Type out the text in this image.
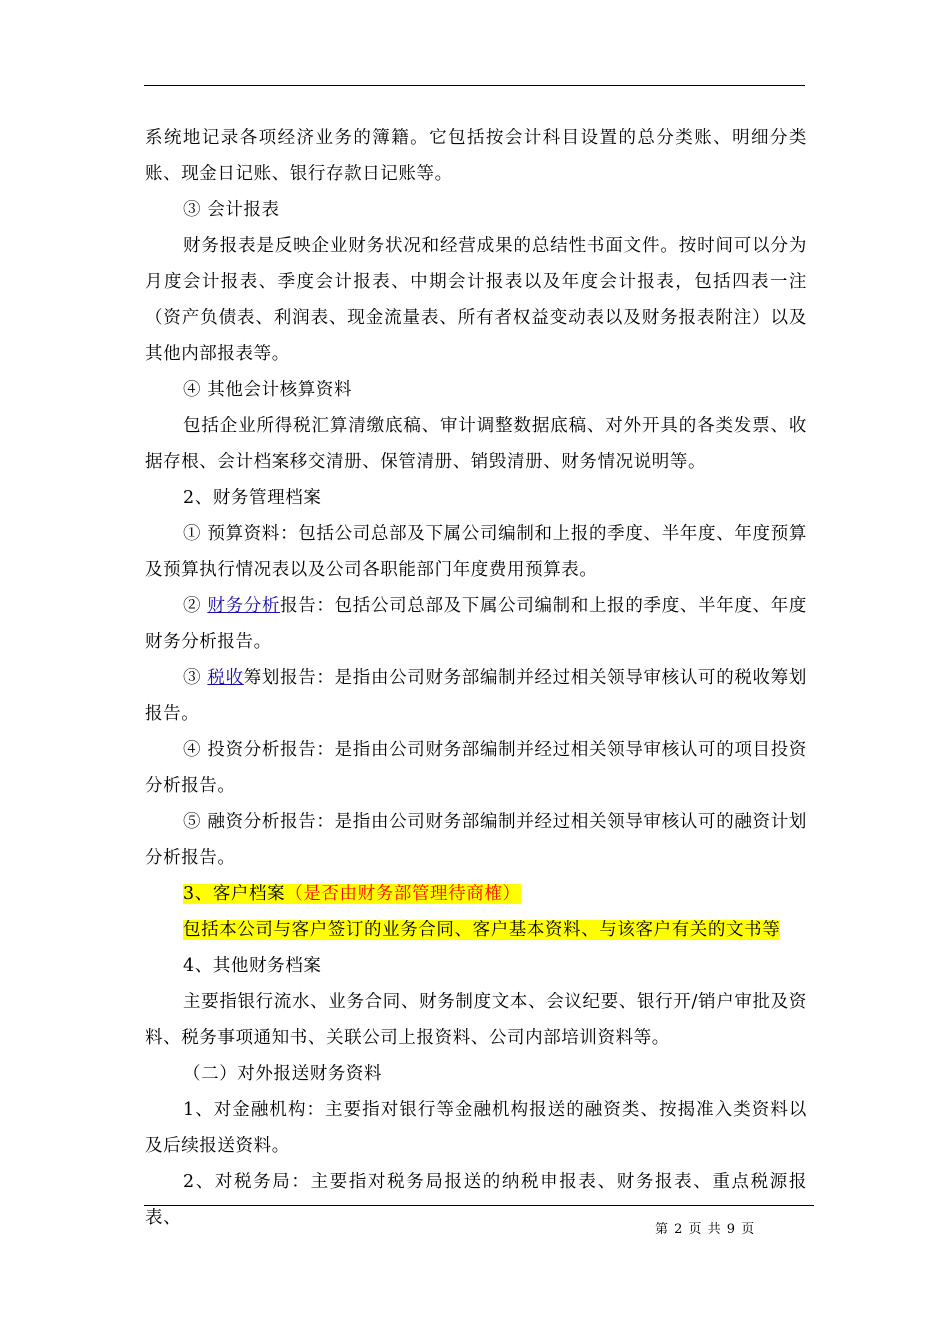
系统地记录各项经济业务的簿籍。它包括按会计科目设置的总分类账、明细分类账、现金日记账、银行存款日记账等。

③ 会计报表

财务报表是反映企业财务状况和经营成果的总结性书面文件。按时间可以分为月度会计报表、季度会计报表、中期会计报表以及年度会计报表，包括四表一注（资产负债表、利润表、现金流量表、所有者权益变动表以及财务报表附注）以及其他内部报表等。

④ 其他会计核算资料

包括企业所得税汇算清缴底稿、审计调整数据底稿、对外开具的各类发票、收据存根、会计档案移交清册、保管清册、销毁清册、财务情况说明等。

2、财务管理档案

① 预算资料：包括公司总部及下属公司编制和上报的季度、半年度、年度预算及预算执行情况表以及公司各职能部门年度费用预算表。

② 财务分析报告：包括公司总部及下属公司编制和上报的季度、半年度、年度财务分析报告。

③ 税收筹划报告：是指由公司财务部编制并经过相关领导审核认可的税收筹划报告。

④ 投资分析报告：是指由公司财务部编制并经过相关领导审核认可的项目投资分析报告。

⑤ 融资分析报告：是指由公司财务部编制并经过相关领导审核认可的融资计划分析报告。

3、客户档案（是否由财务部管理待商榷）

包括本公司与客户签订的业务合同、客户基本资料、与该客户有关的文书等

4、其他财务档案

主要指银行流水、业务合同、财务制度文本、会议纪要、银行开/销户审批及资料、税务事项通知书、关联公司上报资料、公司内部培训资料等。

（二）对外报送财务资料

1、对金融机构：主要指对银行等金融机构报送的融资类、按揭准入类资料以及后续报送资料。

2、对税务局：主要指对税务局报送的纳税申报表、财务报表、重点税源报表、

第 2 页 共 9 页
